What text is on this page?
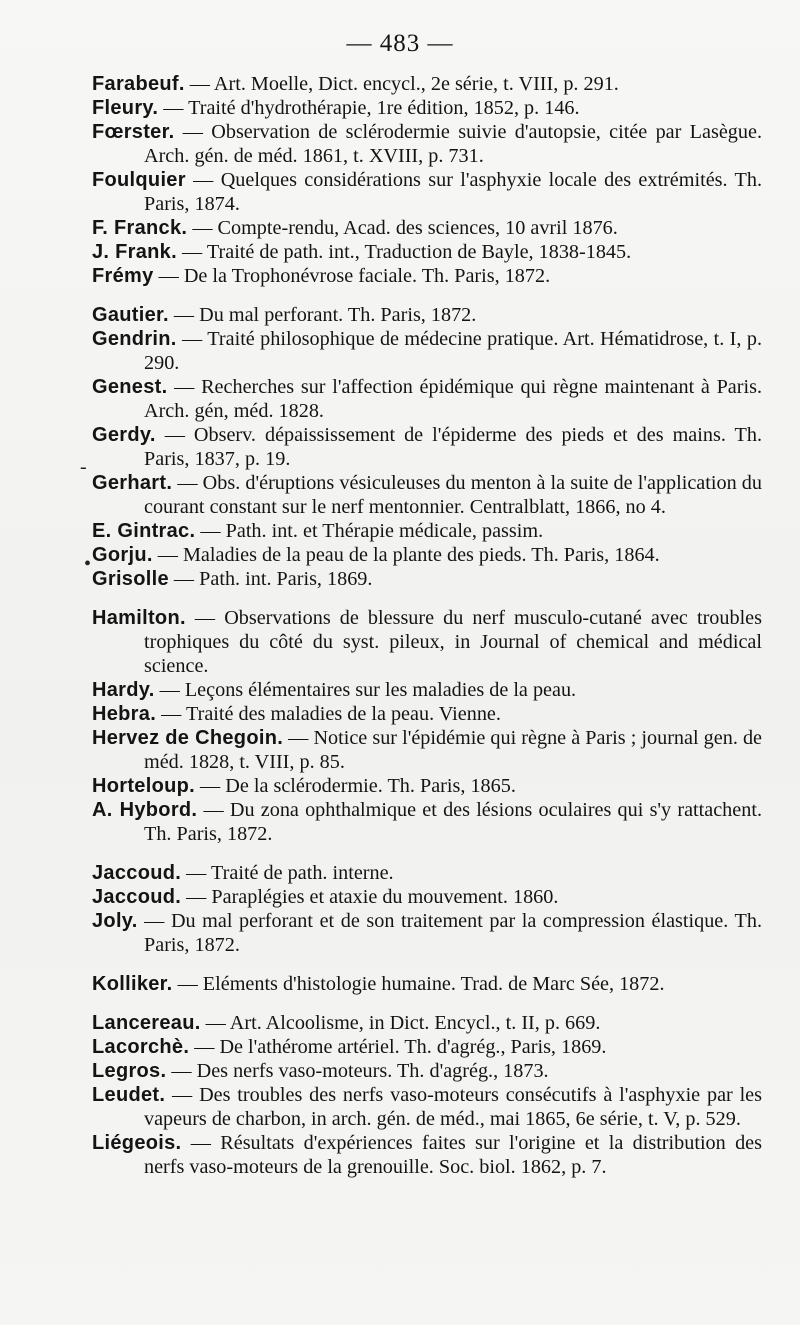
— 483 —

Farabeuf. — Art. Moelle, Dict. encycl., 2e série, t. VIII, p. 291.

Fleury. — Traité d'hydrothérapie, 1re édition, 1852, p. 146.

Fœrster. — Observation de sclérodermie suivie d'autopsie, citée par Lasègue. Arch. gén. de méd. 1861, t. XVIII, p. 731.

Foulquier — Quelques considérations sur l'asphyxie locale des extrémités. Th. Paris, 1874.

F. Franck. — Compte-rendu, Acad. des sciences, 10 avril 1876.

J. Frank. — Traité de path. int., Traduction de Bayle, 1838-1845.

Frémy — De la Trophonévrose faciale. Th. Paris, 1872.

Gautier. — Du mal perforant. Th. Paris, 1872.

Gendrin. — Traité philosophique de médecine pratique. Art. Hématidrose, t. I, p. 290.

Genest. — Recherches sur l'affection épidémique qui règne maintenant à Paris. Arch. gén, méd. 1828.

Gerdy. — Observ. dépaississement de l'épiderme des pieds et des mains. Th. Paris, 1837, p. 19.

Gerhart. — Obs. d'éruptions vésiculeuses du menton à la suite de l'application du courant constant sur le nerf mentonnier. Centralblatt, 1866, no 4.

E. Gintrac. — Path. int. et Thérapie médicale, passim.

Gorju. — Maladies de la peau de la plante des pieds. Th. Paris, 1864.

Grisolle — Path. int. Paris, 1869.

Hamilton. — Observations de blessure du nerf musculo-cutané avec troubles trophiques du côté du syst. pileux, in Journal of chemical and médical science.

Hardy. — Leçons élémentaires sur les maladies de la peau.

Hebra. — Traité des maladies de la peau. Vienne.

Hervez de Chegoin. — Notice sur l'épidémie qui règne à Paris ; journal gen. de méd. 1828, t. VIII, p. 85.

Horteloup. — De la sclérodermie. Th. Paris, 1865.

A. Hybord. — Du zona ophthalmique et des lésions oculaires qui s'y rattachent. Th. Paris, 1872.

Jaccoud. — Traité de path. interne.

Jaccoud. — Paraplégies et ataxie du mouvement. 1860.

Joly. — Du mal perforant et de son traitement par la compression élastique. Th. Paris, 1872.

Kolliker. — Eléments d'histologie humaine. Trad. de Marc Sée, 1872.

Lancereau. — Art. Alcoolisme, in Dict. Encycl., t. II, p. 669.

Lacorchè. — De l'athérome artériel. Th. d'agrég., Paris, 1869.

Legros. — Des nerfs vaso-moteurs. Th. d'agrég., 1873.

Leudet. — Des troubles des nerfs vaso-moteurs consécutifs à l'asphyxie par les vapeurs de charbon, in arch. gén. de méd., mai 1865, 6e série, t. V, p. 529.

Liégeois. — Résultats d'expériences faites sur l'origine et la distribution des nerfs vaso-moteurs de la grenouille. Soc. biol. 1862, p. 7.

-
•
